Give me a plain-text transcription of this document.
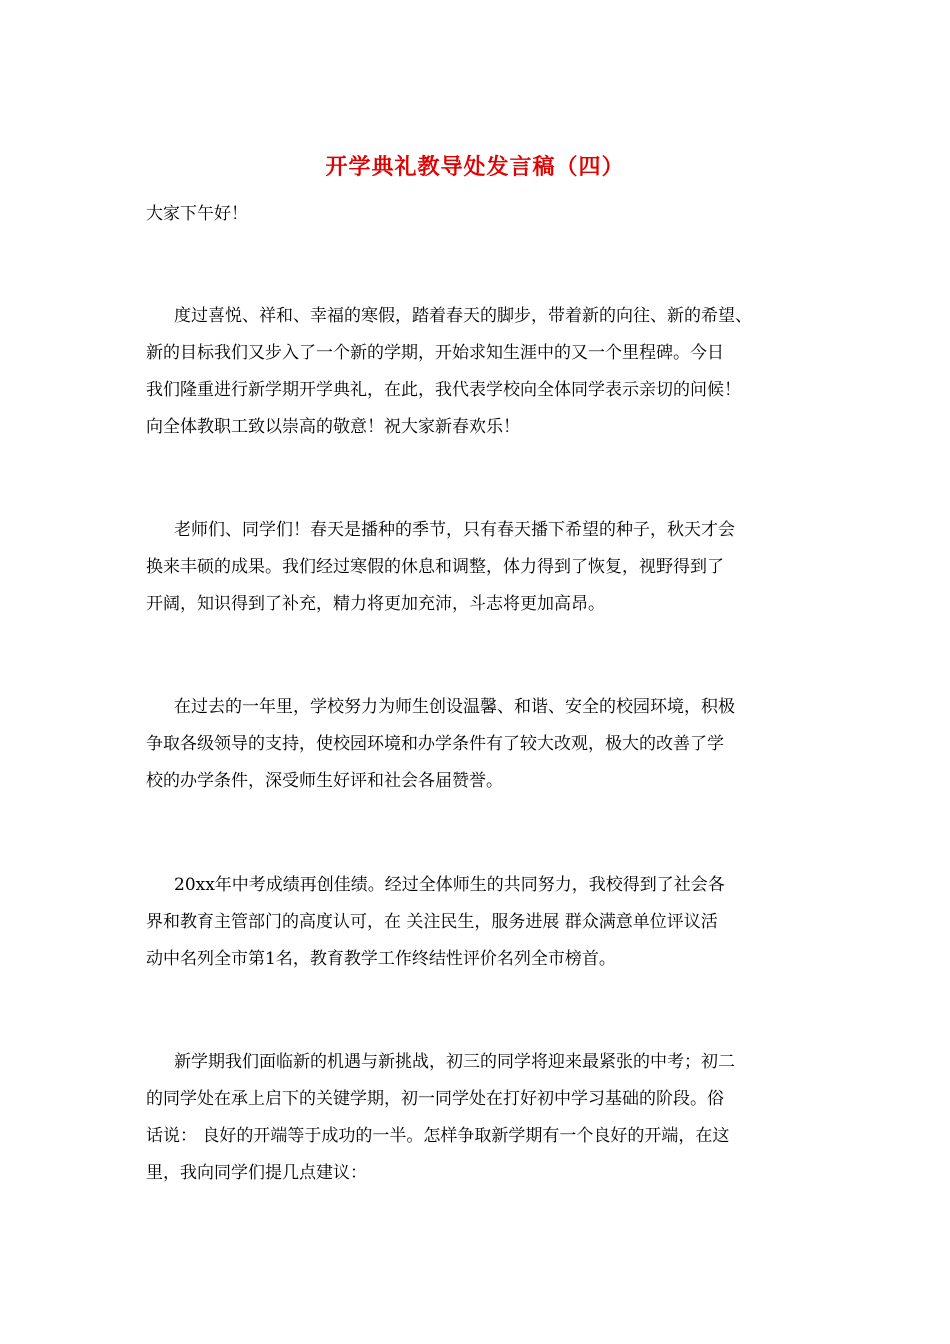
开学典礼教导处发言稿（四）

大家下午好！

度过喜悦、祥和、幸福的寒假，踏着春天的脚步，带着新的向往、新的希望、
新的目标我们又步入了一个新的学期，开始求知生涯中的又一个里程碑。今日
我们隆重进行新学期开学典礼，在此，我代表学校向全体同学表示亲切的问候！
向全体教职工致以崇高的敬意！祝大家新春欢乐！
老师们、同学们！春天是播种的季节，只有春天播下希望的种子，秋天才会
换来丰硕的成果。我们经过寒假的休息和调整，体力得到了恢复，视野得到了
开阔，知识得到了补充，精力将更加充沛，斗志将更加高昂。
在过去的一年里，学校努力为师生创设温馨、和谐、安全的校园环境，积极
争取各级领导的支持，使校园环境和办学条件有了较大改观，极大的改善了学
校的办学条件，深受师生好评和社会各届赞誉。
20xx年中考成绩再创佳绩。经过全体师生的共同努力，我校得到了社会各
界和教育主管部门的高度认可，在 关注民生，服务进展 群众满意单位评议活
动中名列全市第1名，教育教学工作终结性评价名列全市榜首。
新学期我们面临新的机遇与新挑战，初三的同学将迎来最紧张的中考；初二
的同学处在承上启下的关键学期，初一同学处在打好初中学习基础的阶段。俗
话说： 良好的开端等于成功的一半。怎样争取新学期有一个良好的开端，在这
里，我向同学们提几点建议：
